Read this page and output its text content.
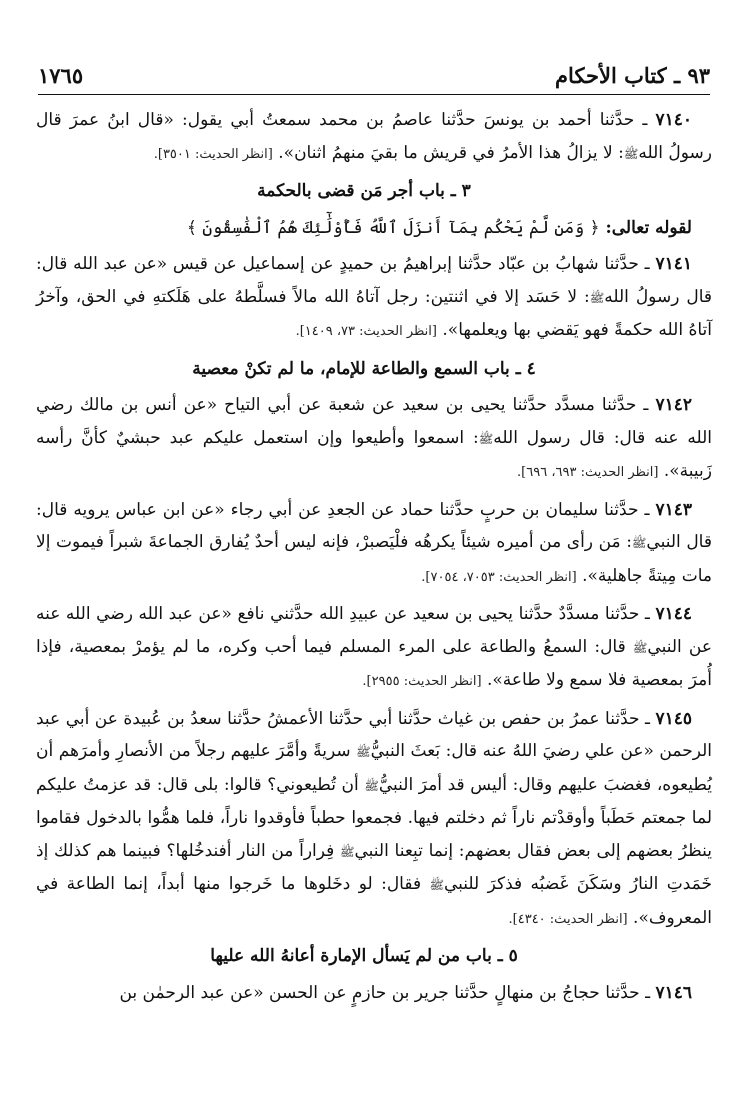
١٧٦٥	٩٣ ـ كتاب الأحكام

٧١٤٠ ـ حدَّثنا أحمد بن يونسَ حدَّثنا عاصمُ بن محمد سمعتُ أبي يقول: «قال ابنُ عمرَ قال رسولُ اللهﷺ: لا يزالُ هذا الأمرُ في قريش ما بقيَ منهمُ اثنان». [انظر الحديث: ٣٥٠١].

٣ ـ باب أجر مَن قضى بالحكمة

لقوله تعالى: ﴿ وَمَن لَّمْ يَحْكُم بِمَآ أَنزَلَ ٱللَّهُ فَأُوْلَٰٓئِكَ هُمُ ٱلْفَٰسِقُونَ ﴾

٧١٤١ ـ حدَّثنا شهابُ بن عبّاد حدَّثنا إبراهيمُ بن حميدٍ عن إسماعيل عن قيس «عن عبد الله قال: قال رسولُ اللهﷺ: لا حَسَد إلا في اثنتين: رجل آتاهُ الله مالاً فسلَّطهُ على هَلَكتهِ في الحق، وآخرُ آتاهُ الله حكمةً فهو يَقضي بها ويعلمها». [انظر الحديث: ٧٣، ١٤٠٩].

٤ ـ باب السمع والطاعة للإمام، ما لم تكنْ معصية

٧١٤٢ ـ حدَّثنا مسدَّد حدَّثنا يحيى بن سعيد عن شعبة عن أبي التياح «عن أنس بن مالك رضي الله عنه قال: قال رسول اللهﷺ: اسمعوا وأطيعوا وإن استعمل عليكم عبد حبشيٌ كأنَّ رأسه زَبيبة». [انظر الحديث: ٦٩٣، ٦٩٦].

٧١٤٣ ـ حدَّثنا سليمان بن حربٍ حدَّثنا حماد عن الجعدِ عن أبي رجاء «عن ابن عباس يرويه قال: قال النبيﷺ: مَن رأى من أميره شيئاً يكرهُه فلْيَصبرْ، فإنه ليس أحدٌ يُفارق الجماعةَ شبراً فيموت إلا مات مِيتةً جاهلية». [انظر الحديث: ٧٠٥٣، ٧٠٥٤].

٧١٤٤ ـ حدَّثنا مسدَّدٌ حدَّثنا يحيى بن سعيد عن عبيدِ الله حدَّثني نافع «عن عبد الله رضي الله عنه عن النبيﷺ قال: السمعُ والطاعة على المرء المسلم فيما أحب وكره، ما لم يؤمرْ بمعصية، فإذا أُمرَ بمعصية فلا سمع ولا طاعة». [انظر الحديث: ٢٩٥٥].

٧١٤٥ ـ حدَّثنا عمرُ بن حفص بن غياث حدَّثنا أبي حدَّثنا الأعمشُ حدَّثنا سعدُ بن عُبيدة عن أبي عبد الرحمن «عن علي رضيَ اللهُ عنه قال: بَعثَ النبيُّﷺ سريةً وأمَّرَ عليهم رجلاً من الأنصارِ وأمرَهم أن يُطيعوه، فغضبَ عليهم وقال: أليس قد أمرَ النبيُّﷺ أن تُطيعوني؟ قالوا: بلى قال: قد عزمتُ عليكم لما جمعتم حَطَباً وأوقدْتم ناراً ثم دخلتم فيها. فجمعوا حطباً فأوقدوا ناراً، فلما همُّوا بالدخول فقاموا ينظرُ بعضهم إلى بعض فقال بعضهم: إنما تبِعنا النبيﷺ فِراراً من النار أفندخُلها؟ فبينما هم كذلك إذ خَمَدتِ النارُ وسَكَنَ غَضبُه فذكرَ للنبيﷺ فقال: لو دخَلوها ما خَرجوا منها أبداً، إنما الطاعة في المعروف». [انظر الحديث: ٤٣٤٠].

٥ ـ باب من لم يَسأل الإمارة أعانهُ الله عليها

٧١٤٦ ـ حدَّثنا حجاجُ بن منهالٍ حدَّثنا جرير بن حازمٍ عن الحسن «عن عبد الرحمٰن بن
